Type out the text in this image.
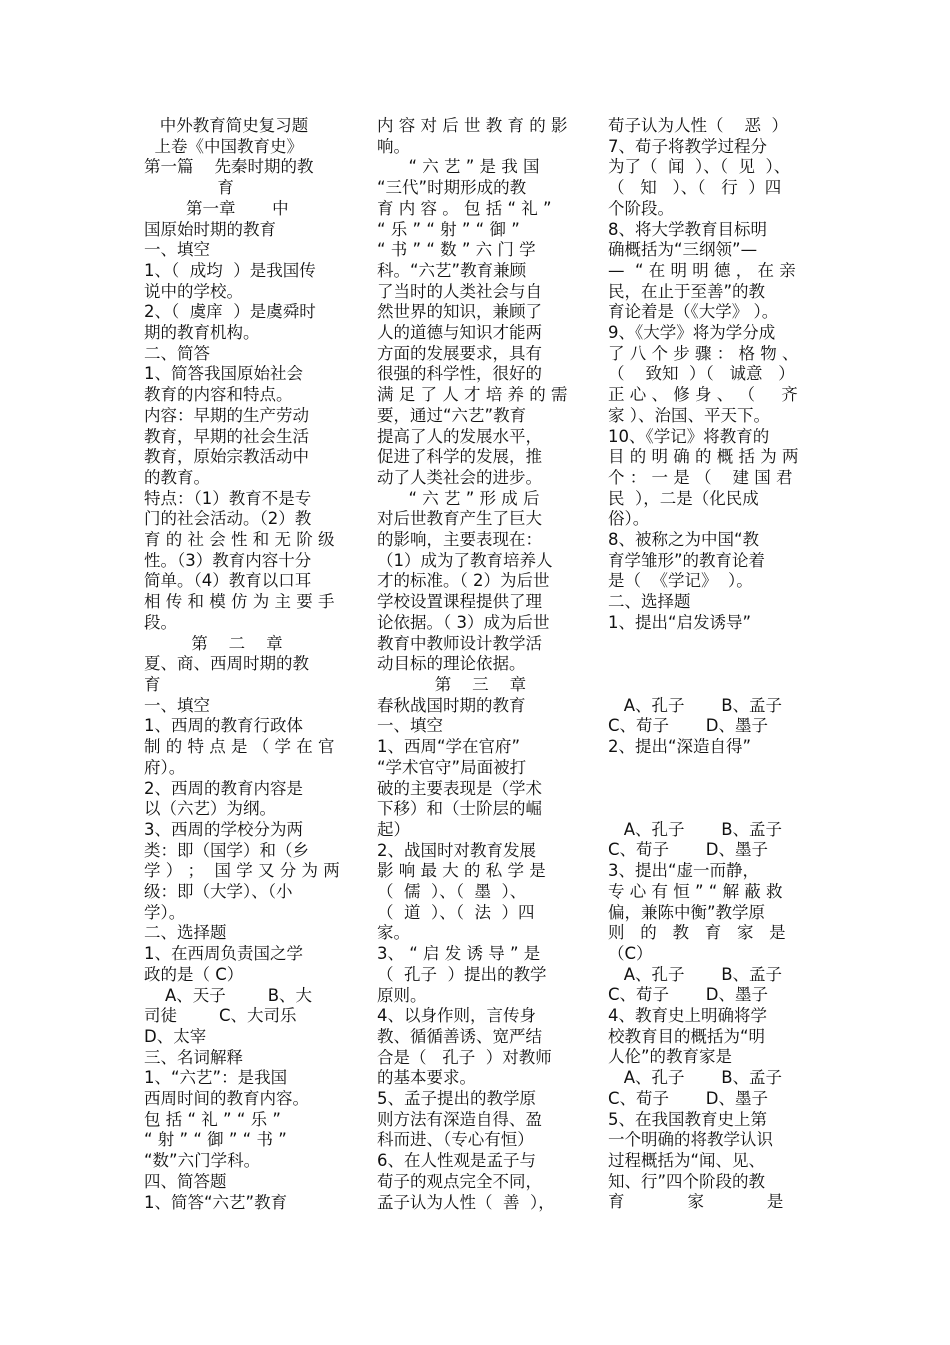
中外教育简史复习题

上卷《中国教育史》

第一篇    先秦时期的教

育

第一章       中

国原始时期的教育

一、填空

1、（  成均  ）是我国传

说中的学校。

2、（  虞庠  ）是虞舜时

期的教育机构。

二、简答

1、简答我国原始社会

教育的内容和特点。

内容：早期的生产劳动

教育，早期的社会生活

教育，原始宗教活动中

的教育。

特点：（1）教育不是专

门的社会活动。（2）教

育 的 社 会 性 和 无 阶 级

性。（3）教育内容十分

简单。（4）教育以口耳

相 传 和 模 仿 为 主 要 手

段。

第    二    章

夏、商、西周时期的教

育

一、填空

1、西周的教育行政体

制 的 特 点 是 （ 学 在 官

府）。

2、西周的教育内容是

以（六艺）为纲。

3、西周的学校分为两

类：即（国学）和（乡

学 ） ；  国 学 又 分 为 两

级：即（大学）、（小

学）。

二、选择题

1、在西周负责国之学

政的是（ C）

A、天子        B、大

司徒        C、大司乐

D、太宰

三、名词解释

1、“六艺”：是我国

西周时间的教育内容。

包 括 “ 礼 ” “ 乐 ”

“ 射 ” “ 御 ” “ 书 ”

“数”六门学科。

四、简答题

1、简答“六艺”教育

内 容 对 后 世 教 育 的 影

响。

“ 六 艺 ” 是 我 国

“三代”时期形成的教

育 内 容 。 包 括 “ 礼 ”

“ 乐 ” “ 射 ” “ 御 ”

“ 书 ” “ 数 ” 六 门 学

科。“六艺”教育兼顾

了当时的人类社会与自

然世界的知识，兼顾了

人的道德与知识才能两

方面的发展要求，具有

很强的科学性，很好的

满 足 了 人 才 培 养 的 需

要，通过“六艺”教育

提高了人的发展水平，

促进了科学的发展，推

动了人类社会的进步。

“ 六 艺 ” 形 成 后

对后世教育产生了巨大

的影响，主要表现在：

（1）成为了教育培养人

才的标准。（ 2）为后世

学校设置课程提供了理

论依据。（ 3）成为后世

教育中教师设计教学活

动目标的理论依据。

第    三    章

春秋战国时期的教育

一、填空

1、西周“学在官府”

“学术官守”局面被打

破的主要表现是（学术

下移）和（士阶层的崛

起）

2、战国时对教育发展

影 响 最 大 的 私 学 是

（  儒  ）、（  墨  ）、

（  道  ）、（  法  ）四

家。

3、 “ 启 发 诱 导 ” 是

（  孔子  ）提出的教学

原则。

4、以身作则，言传身

教、循循善诱、宽严结

合是（   孔子  ）对教师

的基本要求。

5、孟子提出的教学原

则方法有深造自得、盈

科而进、（专心有恒）

6、在人性观是孟子与

荀子的观点完全不同，

孟子认为人性（  善  ），

荀子认为人性（    恶  ）

7、荀子将教学过程分

为了（  闻  ）、（  见  ）、

（   知   ）、（   行  ）四

个阶段。

8、将大学教育目标明

确概括为“三纲领”—

—  “ 在 明 明 德 ， 在 亲

民，在止于至善”的教

育论着是（《大学》 ）。

9、《大学》将为学分成

了 八 个 步 骤 ： 格 物 、

（    致知  ）（   诚意   ）

正 心 、 修 身 、 （     齐

家 ）、治国、平天下。

10、《学记》将教育的

目 的 明 确 的 概 括 为 两

个 ： 一 是 （    建 国 君

民  ），二是（化民成

俗）。

8、被称之为中国“教

育学雏形”的教育论着

是（  《学记》  ）。

二、选择题

1、提出“启发诱导”

A、孔子       B、孟子

C、荀子       D、墨子

2、提出“深造自得”

A、孔子       B、孟子

C、荀子       D、墨子

3、提出“虚一而静，

专 心 有 恒 ” “ 解 蔽 救

偏，兼陈中衡”教学原

则   的   教   育   家   是

（C）

A、孔子       B、孟子

C、荀子       D、墨子

4、教育史上明确将学

校教育目的概括为“明

人伦”的教育家是

A、孔子       B、孟子

C、荀子       D、墨子

5、在我国教育史上第

一个明确的将教学认识

过程概括为“闻、见、

知、行”四个阶段的教

育            家            是
